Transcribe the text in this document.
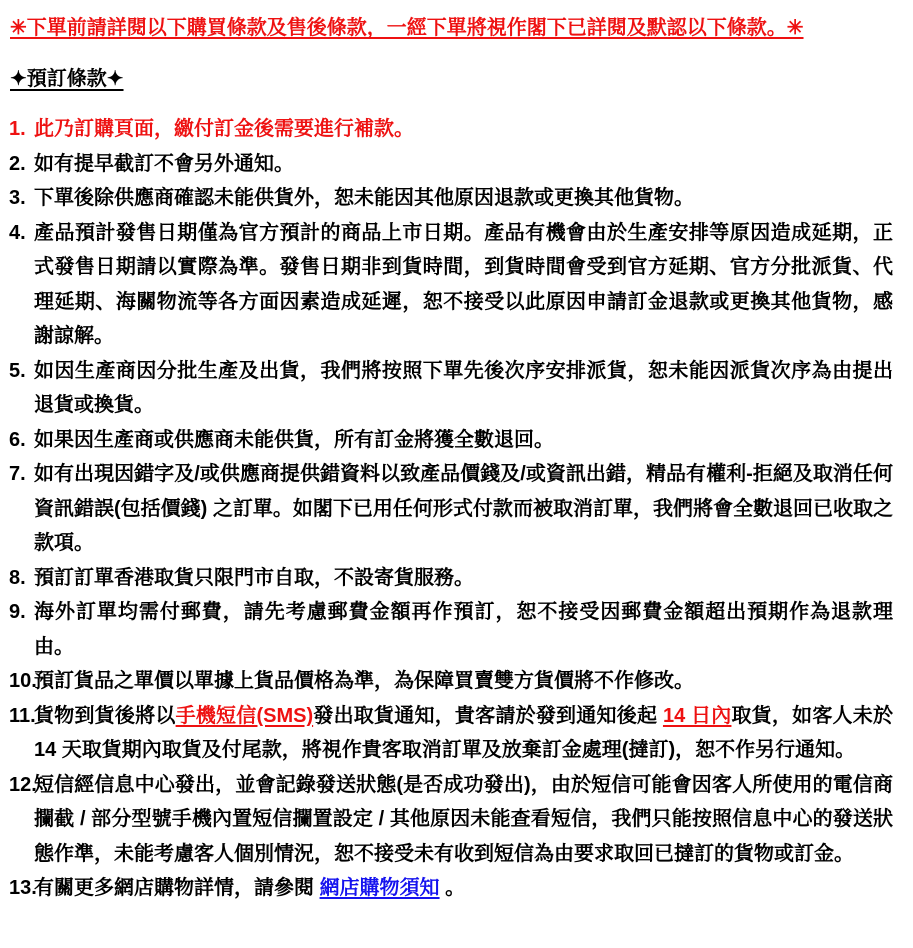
✳下單前請詳閱以下購買條款及售後條款，一經下單將視作閣下已詳閱及默認以下條款。✳
✦預訂條款✦
1. 此乃訂購頁面，繳付訂金後需要進行補款。
2. 如有提早截訂不會另外通知。
3. 下單後除供應商確認未能供貨外，恕未能因其他原因退款或更換其他貨物。
4. 產品預計發售日期僅為官方預計的商品上市日期。產品有機會由於生產安排等原因造成延期，正式發售日期請以實際為準。發售日期非到貨時間，到貨時間會受到官方延期、官方分批派貨、代理延期、海關物流等各方面因素造成延遲，恕不接受以此原因申請訂金退款或更換其他貨物，感謝諒解。
5. 如因生產商因分批生產及出貨，我們將按照下單先後次序安排派貨，恕未能因派貨次序為由提出退貨或換貨。
6. 如果因生產商或供應商未能供貨，所有訂金將獲全數退回。
7. 如有出現因錯字及/或供應商提供錯資料以致產品價錢及/或資訊出錯，精品有權利-拒絕及取消任何資訊錯誤(包括價錢) 之訂單。如閣下已用任何形式付款而被取消訂單，我們將會全數退回已收取之款項。
8. 預訂訂單香港取貨只限門市自取，不設寄貨服務。
9. 海外訂單均需付郵費，請先考慮郵費金額再作預訂，恕不接受因郵費金額超出預期作為退款理由。
10.
預訂貨品之單價以單據上貨品價格為準，為保障買賣雙方貨價將不作修改。
11.
貨物到貨後將以手機短信(SMS)發出取貨通知，貴客請於發到通知後起 14 日內取貨，如客人未於 14 天取貨期內取貨及付尾款，將視作貴客取消訂單及放棄訂金處理(撻訂)，恕不作另行通知。
12.
短信經信息中心發出，並會記錄發送狀態(是否成功發出)，由於短信可能會因客人所使用的電信商攔截 / 部分型號手機內置短信攔置設定 / 其他原因未能查看短信，我們只能按照信息中心的發送狀態作準，未能考慮客人個別情況，恕不接受未有收到短信為由要求取回已撻訂的貨物或訂金。
13.
有關更多網店購物詳情，請參閱 網店購物須知 。
